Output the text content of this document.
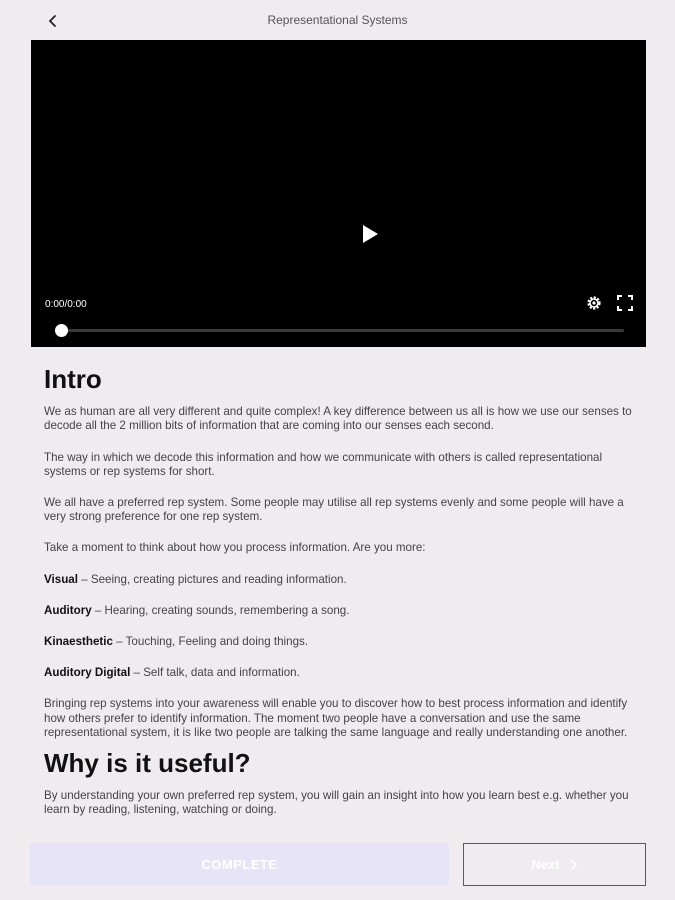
Representational Systems
0:00/0:00
Intro

We as human are all very different and quite complex! A key difference between us all is how we use our senses to decode all the 2 million bits of information that are coming into our senses each second.

The way in which we decode this information and how we communicate with others is called representational systems or rep systems for short.

We all have a preferred rep system. Some people may utilise all rep systems evenly and some people will have a very strong preference for one rep system.

Take a moment to think about how you process information. Are you more:

Visual – Seeing, creating pictures and reading information.

Auditory – Hearing, creating sounds, remembering a song.

Kinaesthetic – Touching, Feeling and doing things.

Auditory Digital – Self talk, data and information.

Bringing rep systems into your awareness will enable you to discover how to best process information and identify how others prefer to identify information. The moment two people have a conversation and use the same representational system, it is like two people are talking the same language and really understanding one another.

Why is it useful?

By understanding your own preferred rep system, you will gain an insight into how you learn best e.g. whether you learn by reading, listening, watching or doing.

COMPLETE	Next
